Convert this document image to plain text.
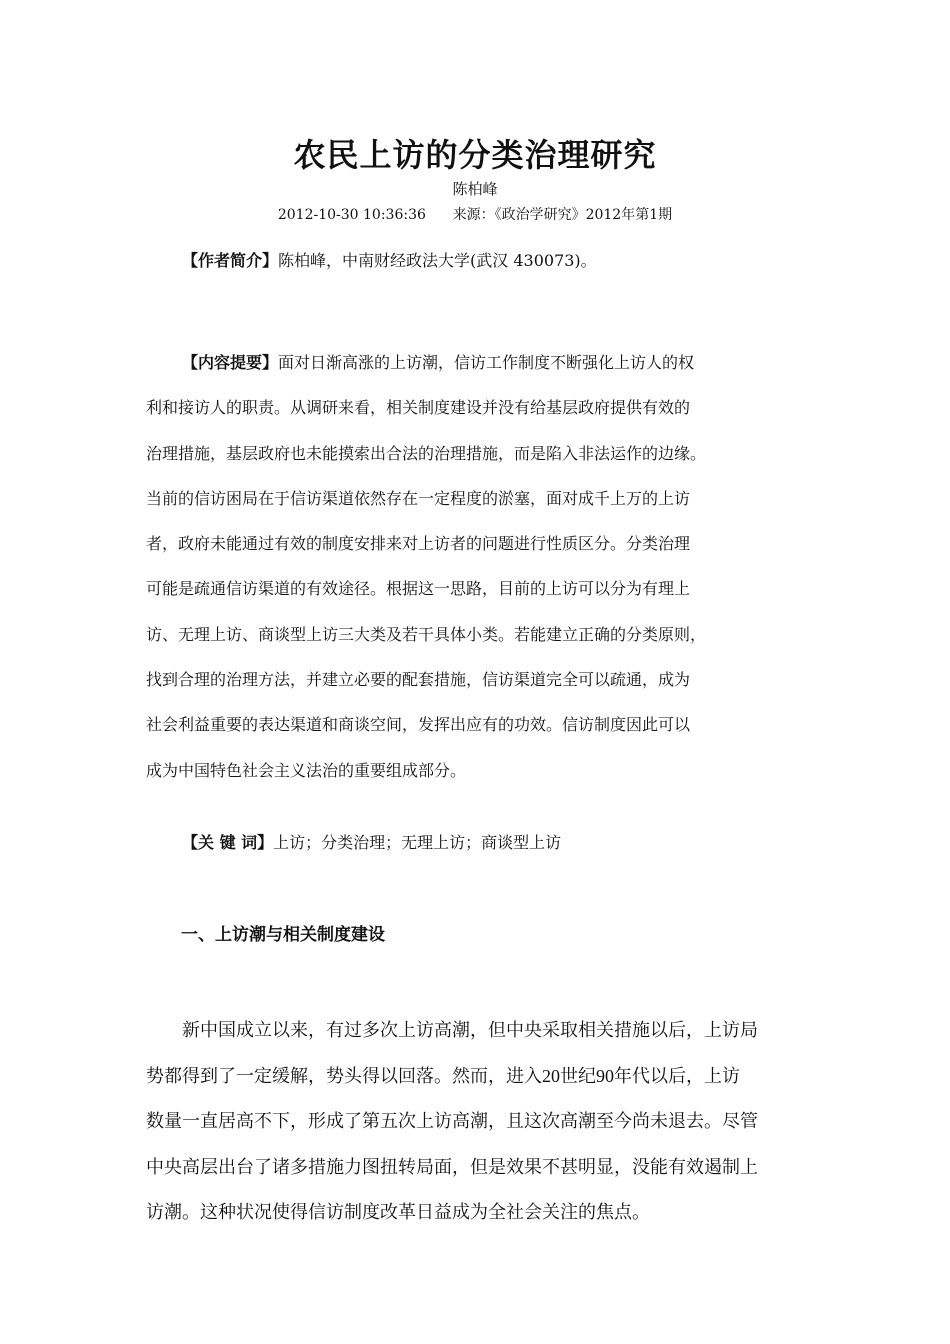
农民上访的分类治理研究
陈柏峰
2012-10-30 10:36:36      来源：《政治学研究》2012年第1期
【作者简介】陈柏峰，中南财经政法大学(武汉 430073)。
【内容提要】面对日渐高涨的上访潮，信访工作制度不断强化上访人的权
利和接访人的职责。从调研来看，相关制度建设并没有给基层政府提供有效的
治理措施，基层政府也未能摸索出合法的治理措施，而是陷入非法运作的边缘。
当前的信访困局在于信访渠道依然存在一定程度的淤塞，面对成千上万的上访
者，政府未能通过有效的制度安排来对上访者的问题进行性质区分。分类治理
可能是疏通信访渠道的有效途径。根据这一思路，目前的上访可以分为有理上
访、无理上访、商谈型上访三大类及若干具体小类。若能建立正确的分类原则，
找到合理的治理方法，并建立必要的配套措施，信访渠道完全可以疏通，成为
社会利益重要的表达渠道和商谈空间，发挥出应有的功效。信访制度因此可以
成为中国特色社会主义法治的重要组成部分。
【关 键 词】上访；分类治理；无理上访；商谈型上访
一、上访潮与相关制度建设
新中国成立以来，有过多次上访高潮，但中央采取相关措施以后，上访局
势都得到了一定缓解，势头得以回落。然而，进入20世纪90年代以后，上访
数量一直居高不下，形成了第五次上访高潮，且这次高潮至今尚未退去。尽管
中央高层出台了诸多措施力图扭转局面，但是效果不甚明显，没能有效遏制上
访潮。这种状况使得信访制度改革日益成为全社会关注的焦点。
